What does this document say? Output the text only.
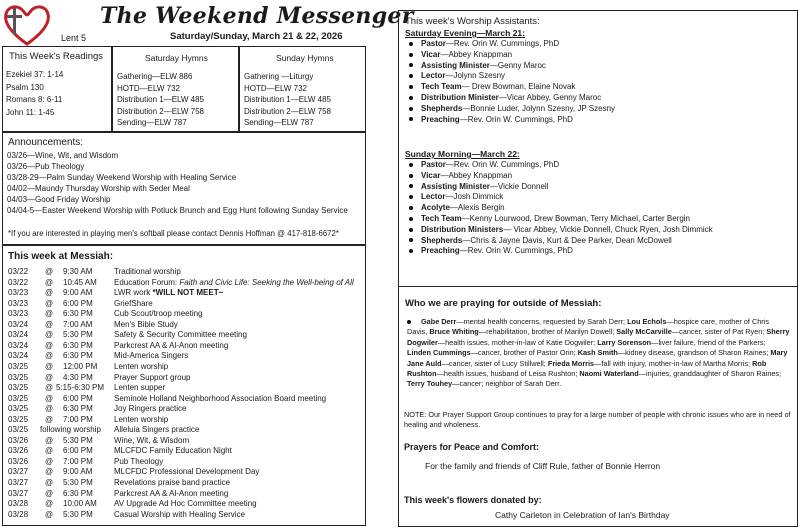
The Weekend Messenger
Lent 5	Saturday/Sunday, March 21 & 22, 2026
This Week's Readings
Ezekiel 37: 1-14
Psalm 130
Romans 8: 6-11
John 11: 1-45
Saturday Hymns
Gathering—ELW 886
HOTD—ELW 732
Distribution 1—ELW 485
Distribution 2—ELW 758
Sending—ELW 787
Sunday Hymns
Gathering —Liturgy
HOTD—ELW 732
Distribution 1—ELW 485
Distribution 2—ELW 758
Sending—ELW 787
Announcements:
03/26—Wine, Wit, and Wisdom
03/26—Pub Theology
03/28-29—Palm Sunday Weekend Worship with Healing Service
04/02—Maundy Thursday Worship with Seder Meal
04/03—Good Friday Worship
04/04-5—Easter Weekend Worship with Potluck Brunch and Egg Hunt following Sunday Service
*If you are interested in playing men's softball please contact Dennis Hoffman @ 417-818-6672*
This week at Messiah:
03/22 @ 9:30 AM	Traditional worship
03/22 @ 10:45 AM Education Forum: Faith and Civic Life: Seeking the Well-being of All
03/23 @ 9:00 AM	LWR work *WILL NOT MEET~
03/23 @ 6:00 PM	GriefShare
03/23 @ 6:30 PM	Cub Scout/troop meeting
03/24 @ 7:00 AM	Men's Bible Study
03/24 @ 5:30 PM	Safety & Security Committee meeting
03/24 @ 6:30 PM	Parkcrest AA & Al-Anon meeting
03/24 @ 6:30 PM	Mid-America Singers
03/25 @ 12:00 PM Lenten worship
03/25 @ 4:30 PM	Prayer Support group
03/25 @ 5:15-6:30 PM Lenten supper
03/25 @ 6:00 PM	Seminole Holland Neighborhood Association Board meeting
03/25 @ 6:30 PM	Joy Ringers practice
03/25 @ 7:00 PM	Lenten worship
03/25 following worship Alleluia Singers practice
03/26 @ 5:30 PM	Wine, Wit, & Wisdom
03/26 @ 6:00 PM	MLCFDC Family Education Night
03/26 @ 7:00 PM	Pub Theology
03/27 @ 9:00 AM	MLCFDC Professional Development Day
03/27 @ 5:30 PM	Revelations praise band practice
03/27 @ 6:30 PM	Parkcrest AA & Al-Anon meeting
03/28 @ 10:00 AM AV Upgrade Ad Hoc Committee meeting
03/28 @ 5:30 PM	Casual Worship with Healing Service
This week's Worship Assistants:
Saturday Evening—March 21:
Pastor—Rev. Orin W. Cummings, PhD
Vicar—Abbey Knappman
Assisting Minister—Genny Maroc
Lector—Jolynn Szesny
Tech Team— Drew Bowman, Elaine Novak
Distribution Minister—Vicar Abbey, Genny Maroc
Shepherds—Bonnie Luder, Jolynn Szesny, JP Szesny
Preaching—Rev. Orin W. Cummings, PhD
Sunday Morning—March 22:
Pastor—Rev. Orin W. Cummings, PhD
Vicar—Abbey Knappman
Assisting Minister—Vickie Donnell
Lector—Josh Dimmick
Acolyte—Alexis Bergin
Tech Team—Kenny Lourwood, Drew Bowman, Terry Michael, Carter Bergin
Distribution Ministers— Vicar Abbey, Vickie Donnell, Chuck Ryen, Josh Dimmick
Shepherds—Chris & Jayne Davis, Kurt & Dee Parker, Dean McDowell
Preaching—Rev. Orin W. Cummings, PhD
Who we are praying for outside of Messiah:
Gabe Derr—mental health concerns, requested by Sarah Derr; Lou Echols—hospice care, mother of Chris Davis, Bruce Whiting—rehabilitation, brother of Marilyn Dowell; Sally McCarville—cancer, sister of Pat Ryen; Sherry Dogwiler—health issues, mother-in-law of Katie Dogwiler; Larry Sorenson—liver failure, friend of the Parkers; Linden Cummings—cancer, brother of Pastor Orin; Kash Smith—kidney disease, grandson of Sharon Raines; Mary Jane Auld—cancer, sister of Lucy Stillwell; Frieda Morris—fall with injury, mother-in-law of Martha Morris; Rob Rushton—health issues, husband of Leisa Rushton; Naomi Waterland—injuries, granddaughter of Sharon Raines; Terry Touhey—cancer; neighbor of Sarah Derr.
NOTE: Our Prayer Support Group continues to pray for a large number of people with chronic issues who are in need of healing and wholeness.
Prayers for Peace and Comfort:
For the family and friends of Cliff Rule, father of Bonnie Herron
This week's flowers donated by:
Cathy Carleton in Celebration of Ian's Birthday
